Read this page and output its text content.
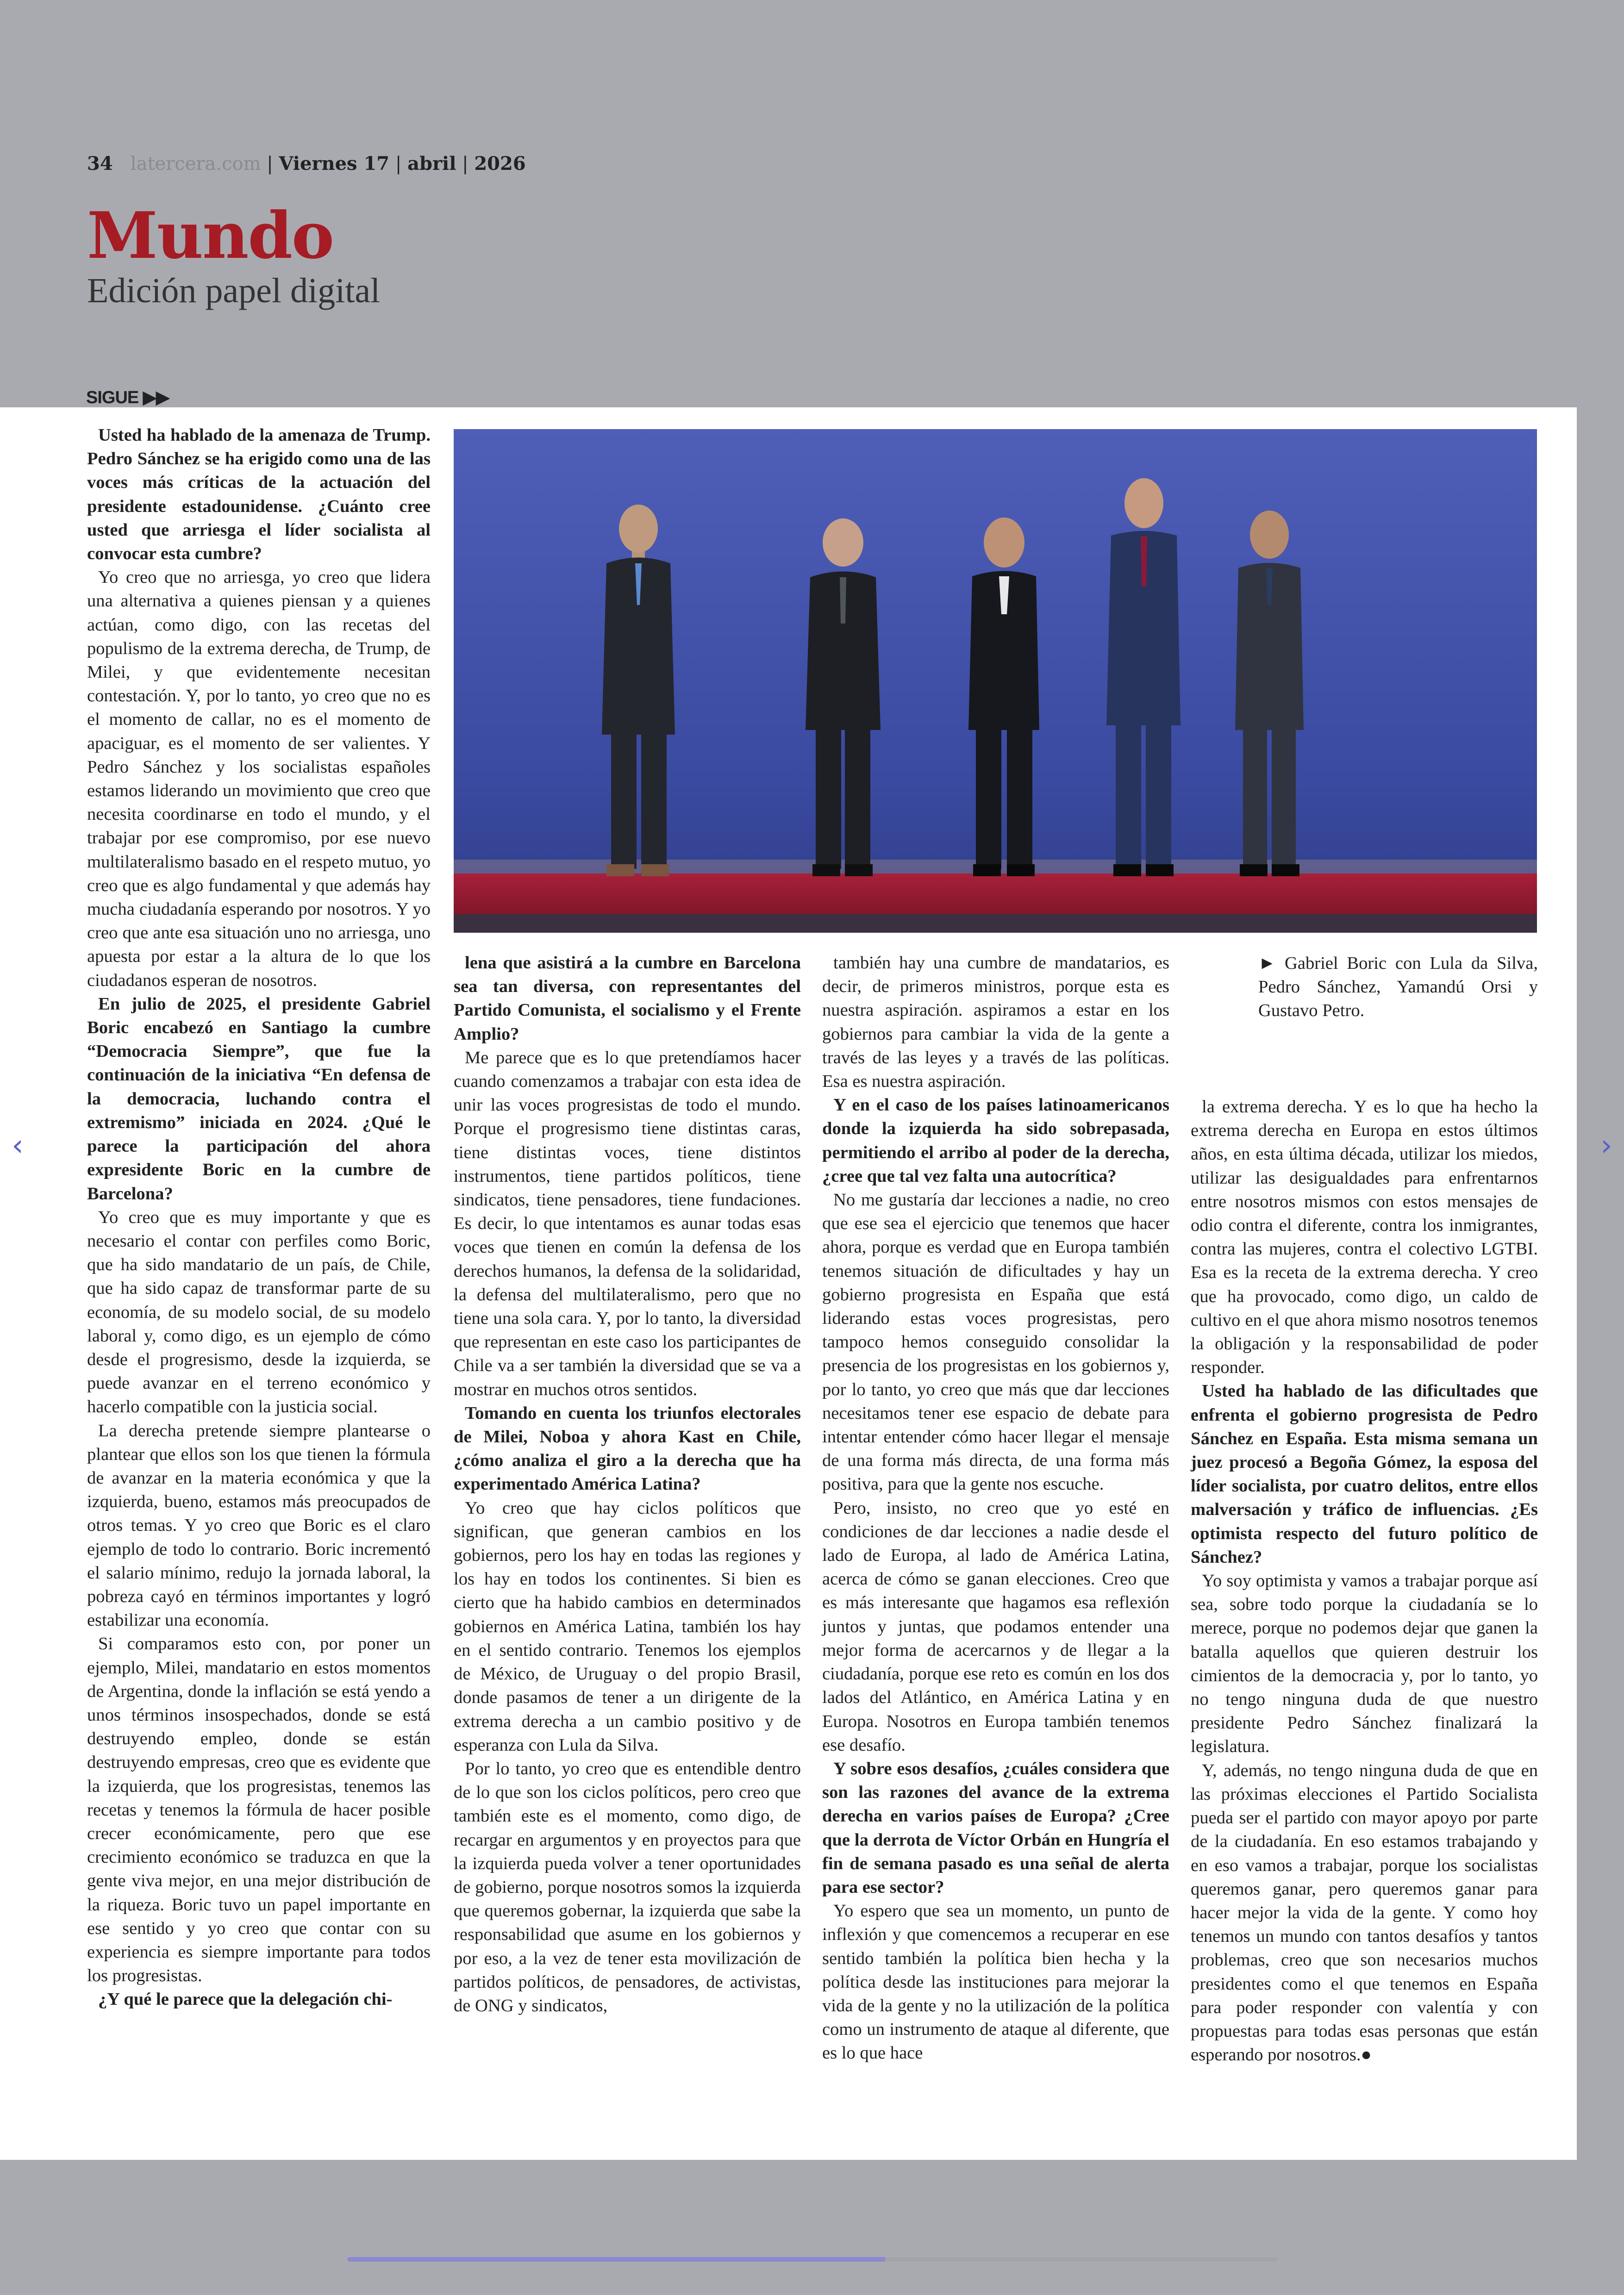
34 latercera.com | Viernes 17 | abril | 2026
Mundo
Edición papel digital
SIGUE ▶▶

Usted ha hablado de la amenaza de Trump. Pedro Sánchez se ha erigido como una de las voces más críticas de la actuación del presidente estadounidense. ¿Cuánto cree usted que arriesga el líder socialista al convocar esta cumbre?

Yo creo que no arriesga, yo creo que lidera una alternativa a quienes piensan y a quienes actúan, como digo, con las recetas del populismo de la extrema derecha, de Trump, de Milei, y que evidentemente necesitan contestación. Y, por lo tanto, yo creo que no es el momento de callar, no es el momento de apaciguar, es el momento de ser valientes. Y Pedro Sánchez y los socialistas españoles estamos liderando un movimiento que creo que necesita coordinarse en todo el mundo, y el trabajar por ese compromiso, por ese nuevo multilateralismo basado en el respeto mutuo, yo creo que es algo fundamental y que además hay mucha ciudadanía esperando por nosotros. Y yo creo que ante esa situación uno no arriesga, uno apuesta por estar a la altura de lo que los ciudadanos esperan de nosotros.

En julio de 2025, el presidente Gabriel Boric encabezó en Santiago la cumbre “Democracia Siempre”, que fue la continuación de la iniciativa “En defensa de la democracia, luchando contra el extremismo” iniciada en 2024. ¿Qué le parece la participación del ahora expresidente Boric en la cumbre de Barcelona?

Yo creo que es muy importante y que es necesario el contar con perfiles como Boric, que ha sido mandatario de un país, de Chile, que ha sido capaz de transformar parte de su economía, de su modelo social, de su modelo laboral y, como digo, es un ejemplo de cómo desde el progresismo, desde la izquierda, se puede avanzar en el terreno económico y hacerlo compatible con la justicia social.

La derecha pretende siempre plantearse o plantear que ellos son los que tienen la fórmula de avanzar en la materia económica y que la izquierda, bueno, estamos más preocupados de otros temas. Y yo creo que Boric es el claro ejemplo de todo lo contrario. Boric incrementó el salario mínimo, redujo la jornada laboral, la pobreza cayó en términos importantes y logró estabilizar una economía.

Si comparamos esto con, por poner un ejemplo, Milei, mandatario en estos momentos de Argentina, donde la inflación se está yendo a unos términos insospechados, donde se está destruyendo empleo, donde se están destruyendo empresas, creo que es evidente que la izquierda, que los progresistas, tenemos las recetas y tenemos la fórmula de hacer posible crecer económicamente, pero que ese crecimiento económico se traduzca en que la gente viva mejor, en una mejor distribución de la riqueza. Boric tuvo un papel importante en ese sentido y yo creo que contar con su experiencia es siempre importante para todos los progresistas.

¿Y qué le parece que la delegación chi-

lena que asistirá a la cumbre en Barcelona sea tan diversa, con representantes del Partido Comunista, el socialismo y el Frente Amplio?

Me parece que es lo que pretendíamos hacer cuando comenzamos a trabajar con esta idea de unir las voces progresistas de todo el mundo. Porque el progresismo tiene distintas caras, tiene distintas voces, tiene distintos instrumentos, tiene partidos políticos, tiene sindicatos, tiene pensadores, tiene fundaciones. Es decir, lo que intentamos es aunar todas esas voces que tienen en común la defensa de los derechos humanos, la defensa de la solidaridad, la defensa del multilateralismo, pero que no tiene una sola cara. Y, por lo tanto, la diversidad que representan en este caso los participantes de Chile va a ser también la diversidad que se va a mostrar en muchos otros sentidos.

Tomando en cuenta los triunfos electorales de Milei, Noboa y ahora Kast en Chile, ¿cómo analiza el giro a la derecha que ha experimentado América Latina?

Yo creo que hay ciclos políticos que significan, que generan cambios en los gobiernos, pero los hay en todas las regiones y los hay en todos los continentes. Si bien es cierto que ha habido cambios en determinados gobiernos en América Latina, también los hay en el sentido contrario. Tenemos los ejemplos de México, de Uruguay o del propio Brasil, donde pasamos de tener a un dirigente de la extrema derecha a un cambio positivo y de esperanza con Lula da Silva.

Por lo tanto, yo creo que es entendible dentro de lo que son los ciclos políticos, pero creo que también este es el momento, como digo, de recargar en argumentos y en proyectos para que la izquierda pueda volver a tener oportunidades de gobierno, porque nosotros somos la izquierda que queremos gobernar, la izquierda que sabe la responsabilidad que asume en los gobiernos y por eso, a la vez de tener esta movilización de partidos políticos, de pensadores, de activistas, de ONG y sindicatos,

también hay una cumbre de mandatarios, es decir, de primeros ministros, porque esta es nuestra aspiración. aspiramos a estar en los gobiernos para cambiar la vida de la gente a través de las leyes y a través de las políticas. Esa es nuestra aspiración.

Y en el caso de los países latinoamericanos donde la izquierda ha sido sobrepasada, permitiendo el arribo al poder de la derecha, ¿cree que tal vez falta una autocrítica?

No me gustaría dar lecciones a nadie, no creo que ese sea el ejercicio que tenemos que hacer ahora, porque es verdad que en Europa también tenemos situación de dificultades y hay un gobierno progresista en España que está liderando estas voces progresistas, pero tampoco hemos conseguido consolidar la presencia de los progresistas en los gobiernos y, por lo tanto, yo creo que más que dar lecciones necesitamos tener ese espacio de debate para intentar entender cómo hacer llegar el mensaje de una forma más directa, de una forma más positiva, para que la gente nos escuche.

Pero, insisto, no creo que yo esté en condiciones de dar lecciones a nadie desde el lado de Europa, al lado de América Latina, acerca de cómo se ganan elecciones. Creo que es más interesante que hagamos esa reflexión juntos y juntas, que podamos entender una mejor forma de acercarnos y de llegar a la ciudadanía, porque ese reto es común en los dos lados del Atlántico, en América Latina y en Europa. Nosotros en Europa también tenemos ese desafío.

Y sobre esos desafíos, ¿cuáles considera que son las razones del avance de la extrema derecha en varios países de Europa? ¿Cree que la derrota de Víctor Orbán en Hungría el fin de semana pasado es una señal de alerta para ese sector?

Yo espero que sea un momento, un punto de inflexión y que comencemos a recuperar en ese sentido también la política bien hecha y la política desde las instituciones para mejorar la vida de la gente y no la utilización de la política como un instrumento de ataque al diferente, que es lo que hace

la extrema derecha. Y es lo que ha hecho la extrema derecha en Europa en estos últimos años, en esta última década, utilizar los miedos, utilizar las desigualdades para enfrentarnos entre nosotros mismos con estos mensajes de odio contra el diferente, contra los inmigrantes, contra las mujeres, contra el colectivo LGTBI. Esa es la receta de la extrema derecha. Y creo que ha provocado, como digo, un caldo de cultivo en el que ahora mismo nosotros tenemos la obligación y la responsabilidad de poder responder.

Usted ha hablado de las dificultades que enfrenta el gobierno progresista de Pedro Sánchez en España. Esta misma semana un juez procesó a Begoña Gómez, la esposa del líder socialista, por cuatro delitos, entre ellos malversación y tráfico de influencias. ¿Es optimista respecto del futuro político de Sánchez?

Yo soy optimista y vamos a trabajar porque así sea, sobre todo porque la ciudadanía se lo merece, porque no podemos dejar que ganen la batalla aquellos que quieren destruir los cimientos de la democracia y, por lo tanto, yo no tengo ninguna duda de que nuestro presidente Pedro Sánchez finalizará la legislatura.

Y, además, no tengo ninguna duda de que en las próximas elecciones el Partido Socialista pueda ser el partido con mayor apoyo por parte de la ciudadanía. En eso estamos trabajando y en eso vamos a trabajar, porque los socialistas queremos ganar, pero queremos ganar para hacer mejor la vida de la gente. Y como hoy tenemos un mundo con tantos desafíos y tantos problemas, creo que son necesarios muchos presidentes como el que tenemos en España para poder responder con valentía y con propuestas para todas esas personas que están esperando por nosotros.●

► Gabriel Boric con Lula da Silva, Pedro Sánchez, Yamandú Orsi y Gustavo Petro.
‹	›
